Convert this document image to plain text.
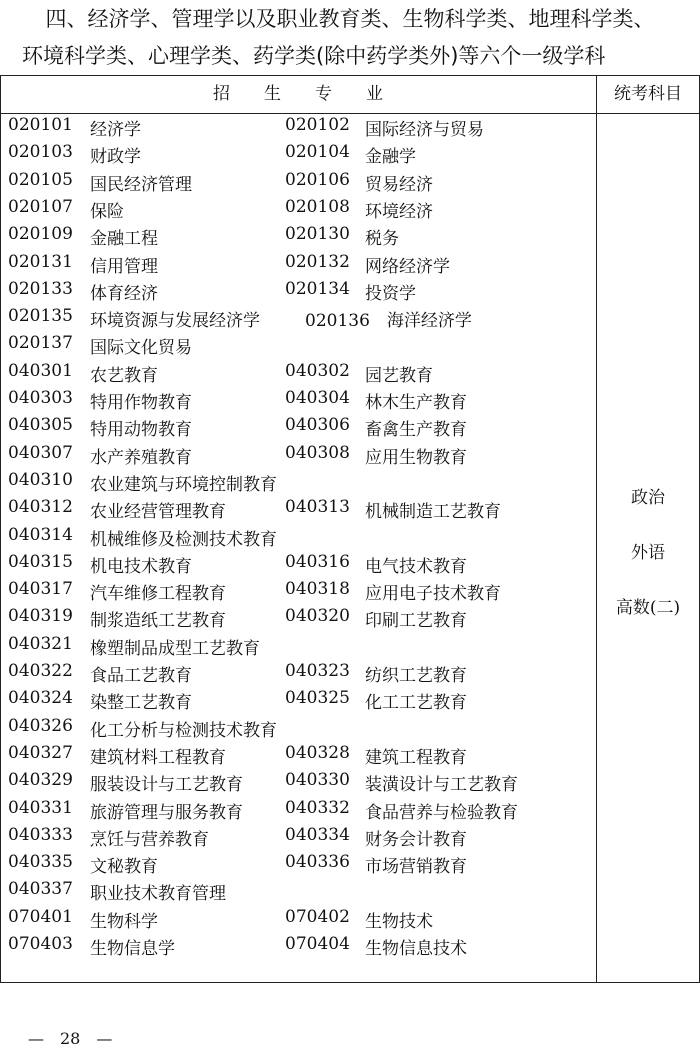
四、经济学、管理学以及职业教育类、生物科学类、地理科学类、
环境科学类、心理学类、药学类(除中药学类外)等六个一级学科
招　　生　　专　　业	统考科目
020101 经济学	020102 国际经济与贸易
020103 财政学	020104 金融学
020105 国民经济管理	020106 贸易经济
020107 保险	020108 环境经济
020109 金融工程	020130 税务
020131 信用管理	020132 网络经济学
020133 体育经济	020134 投资学
020135 环境资源与发展经济学	020136　海洋经济学
020137 国际文化贸易
040301 农艺教育	040302 园艺教育
040303 特用作物教育	040304 林木生产教育
040305 特用动物教育	040306 畜禽生产教育
040307 水产养殖教育	040308 应用生物教育
040310 农业建筑与环境控制教育
040312 农业经营管理教育	040313 机械制造工艺教育
040314 机械维修及检测技术教育
040315 机电技术教育	040316 电气技术教育
040317 汽车维修工程教育	040318 应用电子技术教育
040319 制浆造纸工艺教育	040320 印刷工艺教育
040321 橡塑制品成型工艺教育
040322 食品工艺教育	040323 纺织工艺教育
040324 染整工艺教育	040325 化工工艺教育
040326 化工分析与检测技术教育
040327 建筑材料工程教育	040328 建筑工程教育
040329 服装设计与工艺教育 040330 装潢设计与工艺教育
040331 旅游管理与服务教育 040332 食品营养与检验教育
040333 烹饪与营养教育	040334 财务会计教育
040335 文秘教育	040336 市场营销教育
040337 职业技术教育管理
070401 生物科学	070402 生物技术
070403 生物信息学	070404 生物信息技术
政治
外语
高数(二)
—　28　—
